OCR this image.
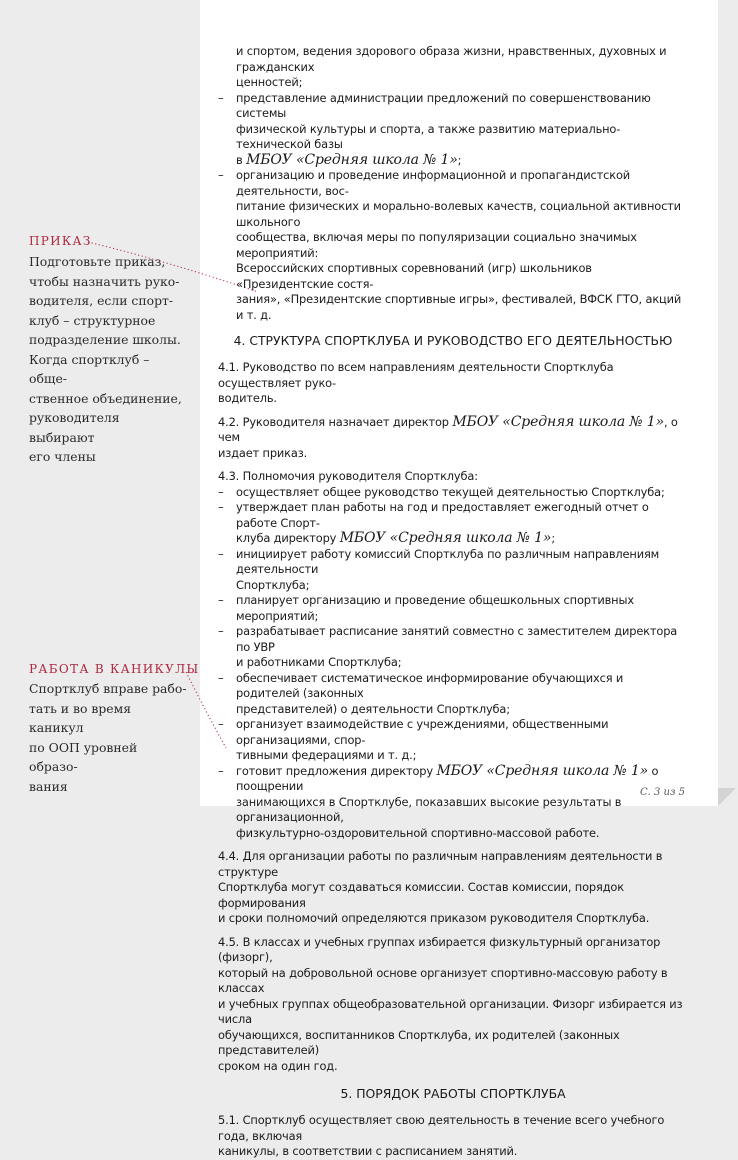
ПРИКАЗ
Подготовьте приказ,
чтобы назначить руко-
водителя, если спорт-
клуб – структурное
подразделение школы.
Когда спортклуб – обще-
ственное объединение,
руководителя выбирают
его члены
РАБОТА В КАНИКУЛЫ
Спортклуб вправе рабо-
тать и во время каникул
по ООП уровней образо-
вания

и спортом, ведения здорового образа жизни, нравственных, духовных и гражданских

ценностей;

– представление администрации предложений по совершенствованию системы

физической культуры и спорта, а также развитию материально-технической базы

в МБОУ «Средняя школа № 1»;

– организацию и проведение информационной и пропагандистской деятельности, вос-

питание физических и морально-волевых качеств, социальной активности школьного

сообщества, включая меры по популяризации социально значимых мероприятий:

Всероссийских спортивных соревнований (игр) школьников «Президентские состя-

зания», «Президентские спортивные игры», фестивалей, ВФСК ГТО, акций и т. д.

4. СТРУКТУРА СПОРТКЛУБА И РУКОВОДСТВО ЕГО ДЕЯТЕЛЬНОСТЬЮ

4.1. Руководство по всем направлениям деятельности Спортклуба осуществляет руко-

водитель.

4.2. Руководителя назначает директор МБОУ «Средняя школа № 1», о чем

издает приказ.

4.3. Полномочия руководителя Спортклуба:

– осуществляет общее руководство текущей деятельностью Спортклуба;

– утверждает план работы на год и предоставляет ежегодный отчет о работе Спорт-

клуба директору МБОУ «Средняя школа № 1»;

– инициирует работу комиссий Спортклуба по различным направлениям деятельности

Спортклуба;

– планирует организацию и проведение общешкольных спортивных мероприятий;

– разрабатывает расписание занятий совместно с заместителем директора по УВР

и работниками Спортклуба;

– обеспечивает систематическое информирование обучающихся и родителей (законных

представителей) о деятельности Спортклуба;

– организует взаимодействие с учреждениями, общественными организациями, спор-

тивными федерациями и т. д.;

– готовит предложения директору МБОУ «Средняя школа № 1» о поощрении

занимающихся в Спортклубе, показавших высокие результаты в организационной,

физкультурно-оздоровительной спортивно-массовой работе.

4.4. Для организации работы по различным направлениям деятельности в структуре

Спортклуба могут создаваться комиссии. Состав комиссии, порядок формирования

и сроки полномочий определяются приказом руководителя Спортклуба.

4.5. В классах и учебных группах избирается физкультурный организатор (физорг),

который на добровольной основе организует спортивно-массовую работу в классах

и учебных группах общеобразовательной организации. Физорг избирается из числа

обучающихся, воспитанников Спортклуба, их родителей (законных представителей)

сроком на один год.

5. ПОРЯДОК РАБОТЫ СПОРТКЛУБА

5.1. Спортклуб осуществляет свою деятельность в течение всего учебного года, включая

каникулы, в соответствии с расписанием занятий.

С. 3 из 5
